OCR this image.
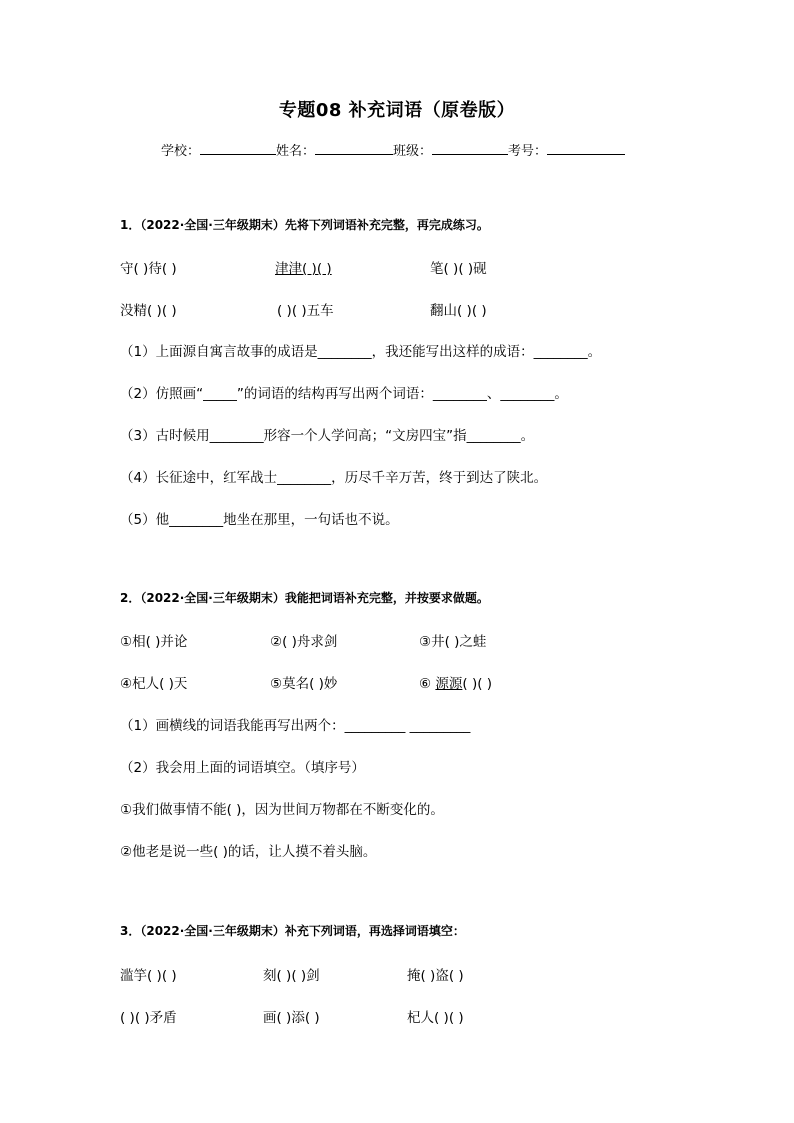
专题08 补充词语（原卷版）
学校：	姓名：	班级：	考号：
1．（2022·全国·三年级期末）先将下列词语补充完整，再完成练习。
守( )待( )	津津( )( )	笔( )( )砚
没精( )( )	( )( )五车	翻山( )( )
（1）上面源自寓言故事的成语是________，我还能写出这样的成语：________。
（2）仿照画“_____”的词语的结构再写出两个词语：________、________。
（3）古时候用________形容一个人学问高；“文房四宝”指________。
（4）长征途中，红军战士________，历尽千辛万苦，终于到达了陕北。
（5）他________地坐在那里，一句话也不说。
2．（2022·全国·三年级期末）我能把词语补充完整，并按要求做题。
①相( )并论	②( )舟求剑	③井( )之蛙
④杞人( )天	⑤莫名( )妙	⑥ 源源( )( )
（1）画横线的词语我能再写出两个：_________ _________
（2）我会用上面的词语填空。（填序号）
①我们做事情不能( )，因为世间万物都在不断变化的。
②他老是说一些( )的话，让人摸不着头脑。
3．（2022·全国·三年级期末）补充下列词语，再选择词语填空：
滥竽( )( )	刻( )( )剑	掩( )盗( )
( )( )矛盾	画( )添( )	杞人( )( )
